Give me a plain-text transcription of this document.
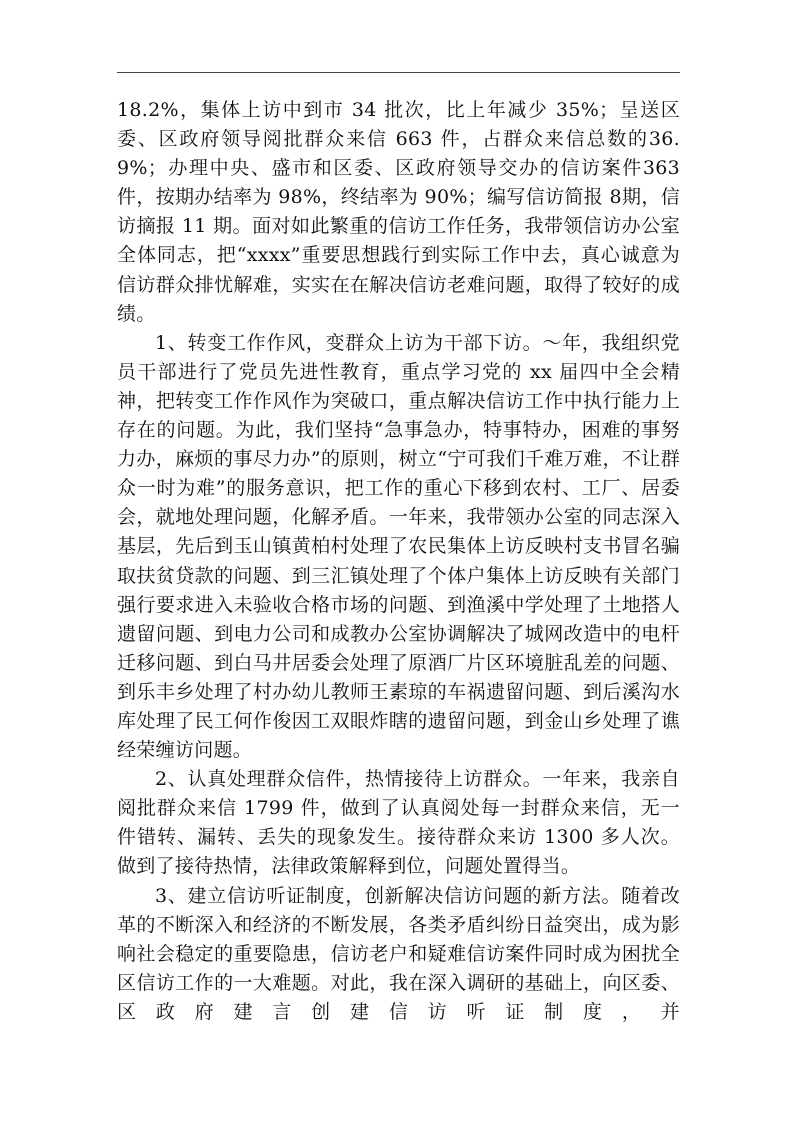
18.2%，集体上访中到市 34 批次，比上年减少 35%；呈送区委、区政府领导阅批群众来信 663 件，占群众来信总数的36.9%；办理中央、盛市和区委、区政府领导交办的信访案件363 件，按期办结率为 98%，终结率为 90%；编写信访简报 8期，信访摘报 11 期。面对如此繁重的信访工作任务，我带领信访办公室全体同志，把“xxxx”重要思想践行到实际工作中去，真心诚意为信访群众排忧解难，实实在在解决信访老难问题，取得了较好的成绩。

1、转变工作作风，变群众上访为干部下访。～年，我组织党员干部进行了党员先进性教育，重点学习党的 xx 届四中全会精神，把转变工作作风作为突破口，重点解决信访工作中执行能力上存在的问题。为此，我们坚持“急事急办，特事特办，困难的事努力办，麻烦的事尽力办”的原则，树立“宁可我们千难万难，不让群众一时为难”的服务意识，把工作的重心下移到农村、工厂、居委会，就地处理问题，化解矛盾。一年来，我带领办公室的同志深入基层，先后到玉山镇黄柏村处理了农民集体上访反映村支书冒名骗取扶贫贷款的问题、到三汇镇处理了个体户集体上访反映有关部门强行要求进入未验收合格市场的问题、到渔溪中学处理了土地搭人遗留问题、到电力公司和成教办公室协调解决了城网改造中的电杆迁移问题、到白马井居委会处理了原酒厂片区环境脏乱差的问题、到乐丰乡处理了村办幼儿教师王素琼的车祸遗留问题、到后溪沟水库处理了民工何作俊因工双眼炸瞎的遗留问题，到金山乡处理了谯经荣缠访问题。

2、认真处理群众信件，热情接待上访群众。一年来，我亲自阅批群众来信 1799 件，做到了认真阅处每一封群众来信，无一件错转、漏转、丢失的现象发生。接待群众来访 1300 多人次。做到了接待热情，法律政策解释到位，问题处置得当。

3、建立信访听证制度，创新解决信访问题的新方法。随着改革的不断深入和经济的不断发展，各类矛盾纠纷日益突出，成为影响社会稳定的重要隐患，信访老户和疑难信访案件同时成为困扰全区信访工作的一大难题。对此，我在深入调研的基础上，向区委、区政府建言创建信访听证制度，并
